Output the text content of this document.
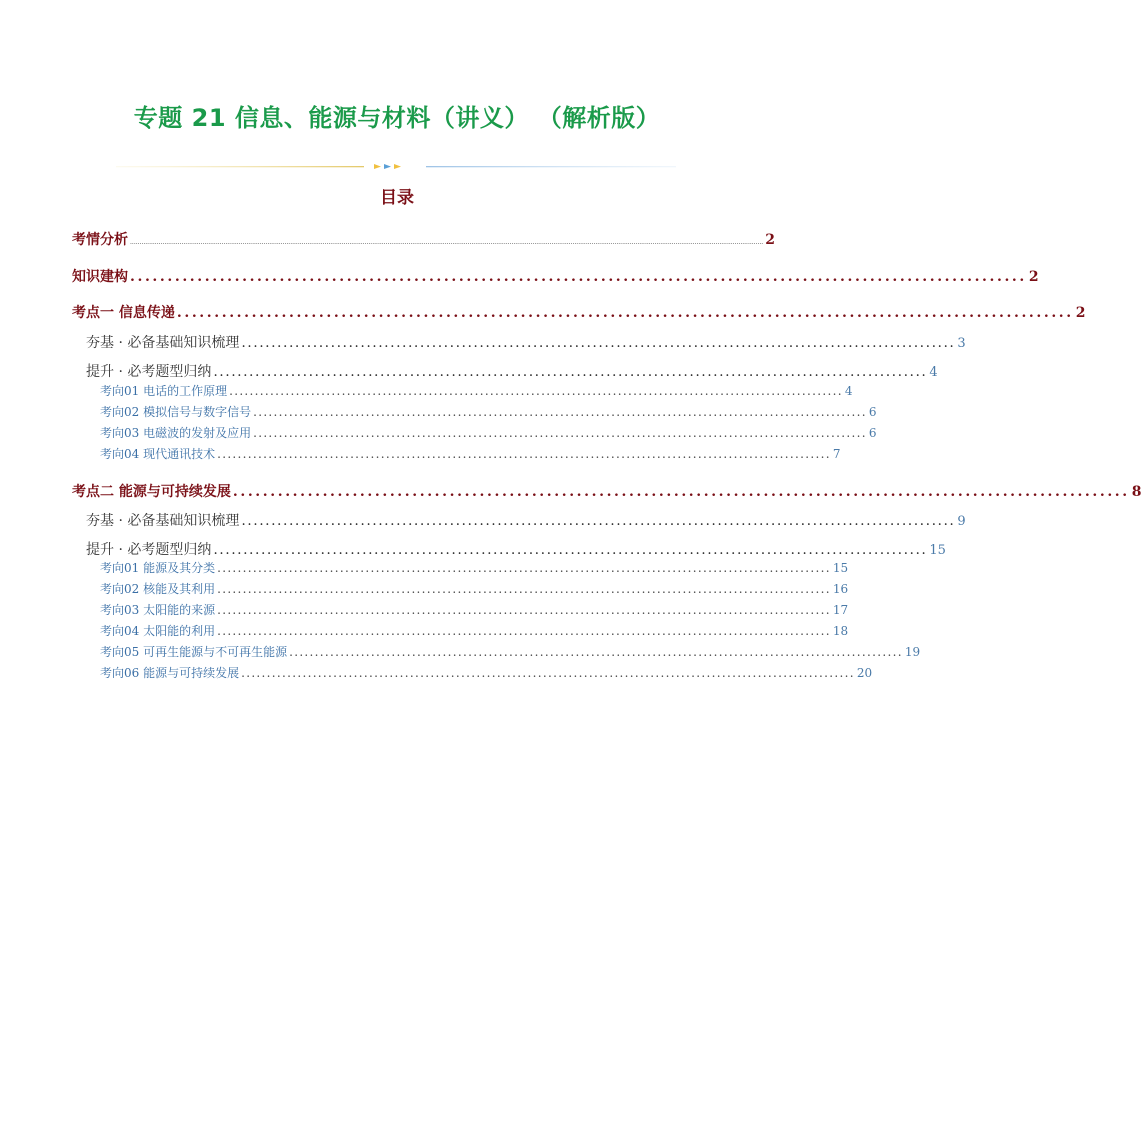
专题 21 信息、能源与材料（讲义） （解析版）
目录
考情分析 ............................................................................................................................................................................................................................................................................................................................................ 2
知识建构 ........................................................................................................................ 2
考点一 信息传递 ........................................................................................................................ 2
夯基 · 必备基础知识梳理 ........................................................................................................................ 3
提升 · 必考题型归纳 ........................................................................................................................ 4
考向01 电话的工作原理 ........................................................................................................................ 4
考向02 模拟信号与数字信号 ........................................................................................................................ 6
考向03 电磁波的发射及应用 ........................................................................................................................ 6
考向04 现代通讯技术 ........................................................................................................................ 7
考点二 能源与可持续发展 ........................................................................................................................ 8
夯基 · 必备基础知识梳理 ........................................................................................................................ 9
提升 · 必考题型归纳 ........................................................................................................................ 15
考向01 能源及其分类 ........................................................................................................................ 15
考向02 核能及其利用 ........................................................................................................................ 16
考向03 太阳能的来源 ........................................................................................................................ 17
考向04 太阳能的利用 ........................................................................................................................ 18
考向05 可再生能源与不可再生能源 ........................................................................................................................ 19
考向06 能源与可持续发展 ........................................................................................................................ 20
